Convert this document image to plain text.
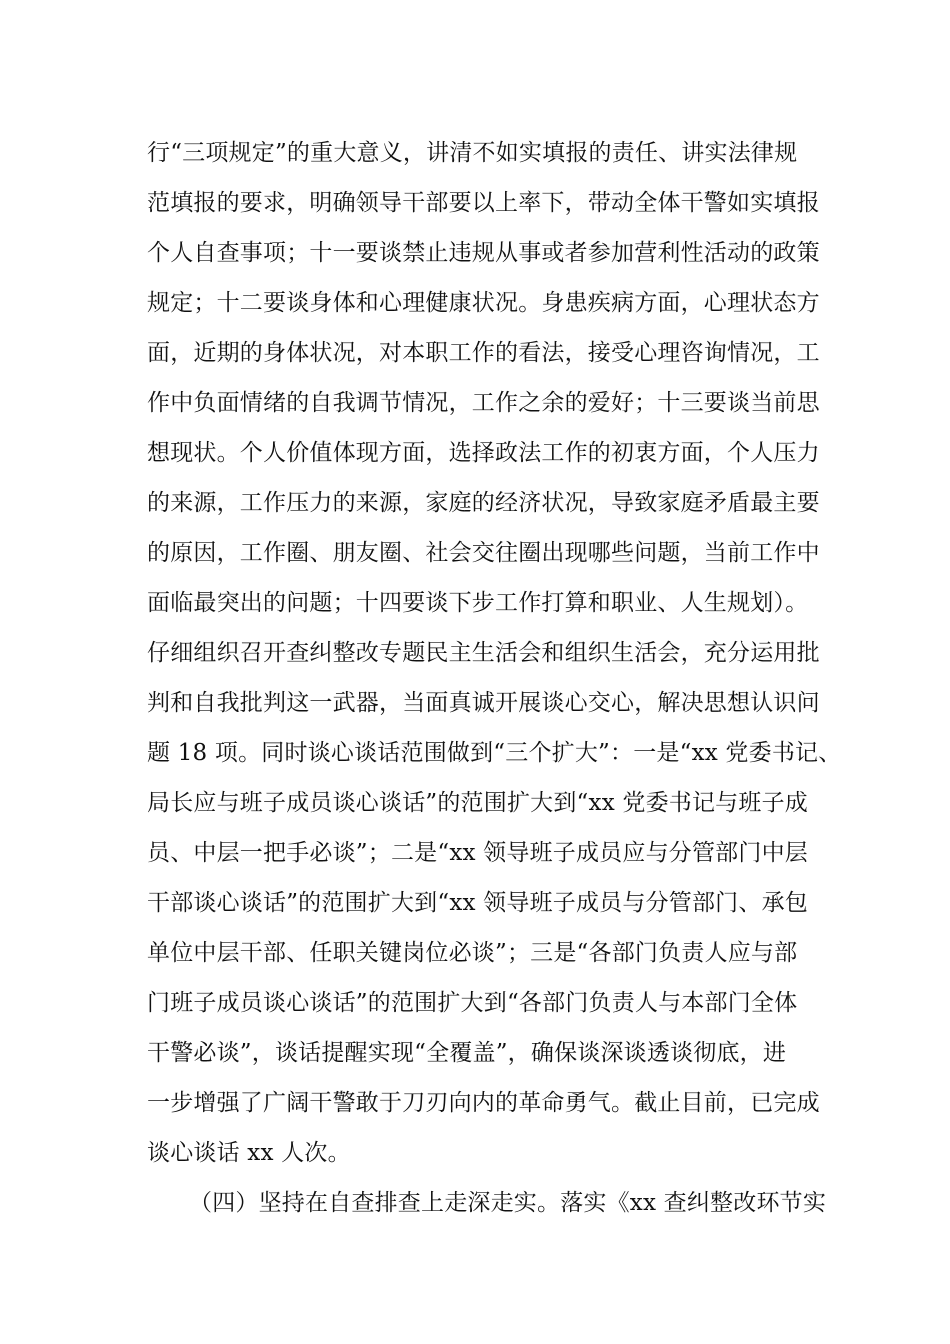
行“三项规定”的重大意义，讲清不如实填报的责任、讲实法律规
范填报的要求，明确领导干部要以上率下，带动全体干警如实填报
个人自查事项；十一要谈禁止违规从事或者参加营利性活动的政策
规定；十二要谈身体和心理健康状况。身患疾病方面，心理状态方
面，近期的身体状况，对本职工作的看法，接受心理咨询情况，工
作中负面情绪的自我调节情况，工作之余的爱好；十三要谈当前思
想现状。个人价值体现方面，选择政法工作的初衷方面，个人压力
的来源，工作压力的来源，家庭的经济状况，导致家庭矛盾最主要
的原因，工作圈、朋友圈、社会交往圈出现哪些问题，当前工作中
面临最突出的问题；十四要谈下步工作打算和职业、人生规划）。
仔细组织召开查纠整改专题民主生活会和组织生活会，充分运用批
判和自我批判这一武器，当面真诚开展谈心交心，解决思想认识问
题 18 项。同时谈心谈话范围做到“三个扩大”：一是“xx 党委书记、
局长应与班子成员谈心谈话”的范围扩大到“xx 党委书记与班子成
员、中层一把手必谈”；二是“xx 领导班子成员应与分管部门中层
干部谈心谈话”的范围扩大到“xx 领导班子成员与分管部门、承包
单位中层干部、任职关键岗位必谈”；三是“各部门负责人应与部
门班子成员谈心谈话”的范围扩大到“各部门负责人与本部门全体
干警必谈”，谈话提醒实现“全覆盖”，确保谈深谈透谈彻底，进
一步增强了广阔干警敢于刀刃向内的革命勇气。截止目前，已完成
谈心谈话 xx 人次。
（四）坚持在自查排查上走深走实。落实《xx 查纠整改环节实
